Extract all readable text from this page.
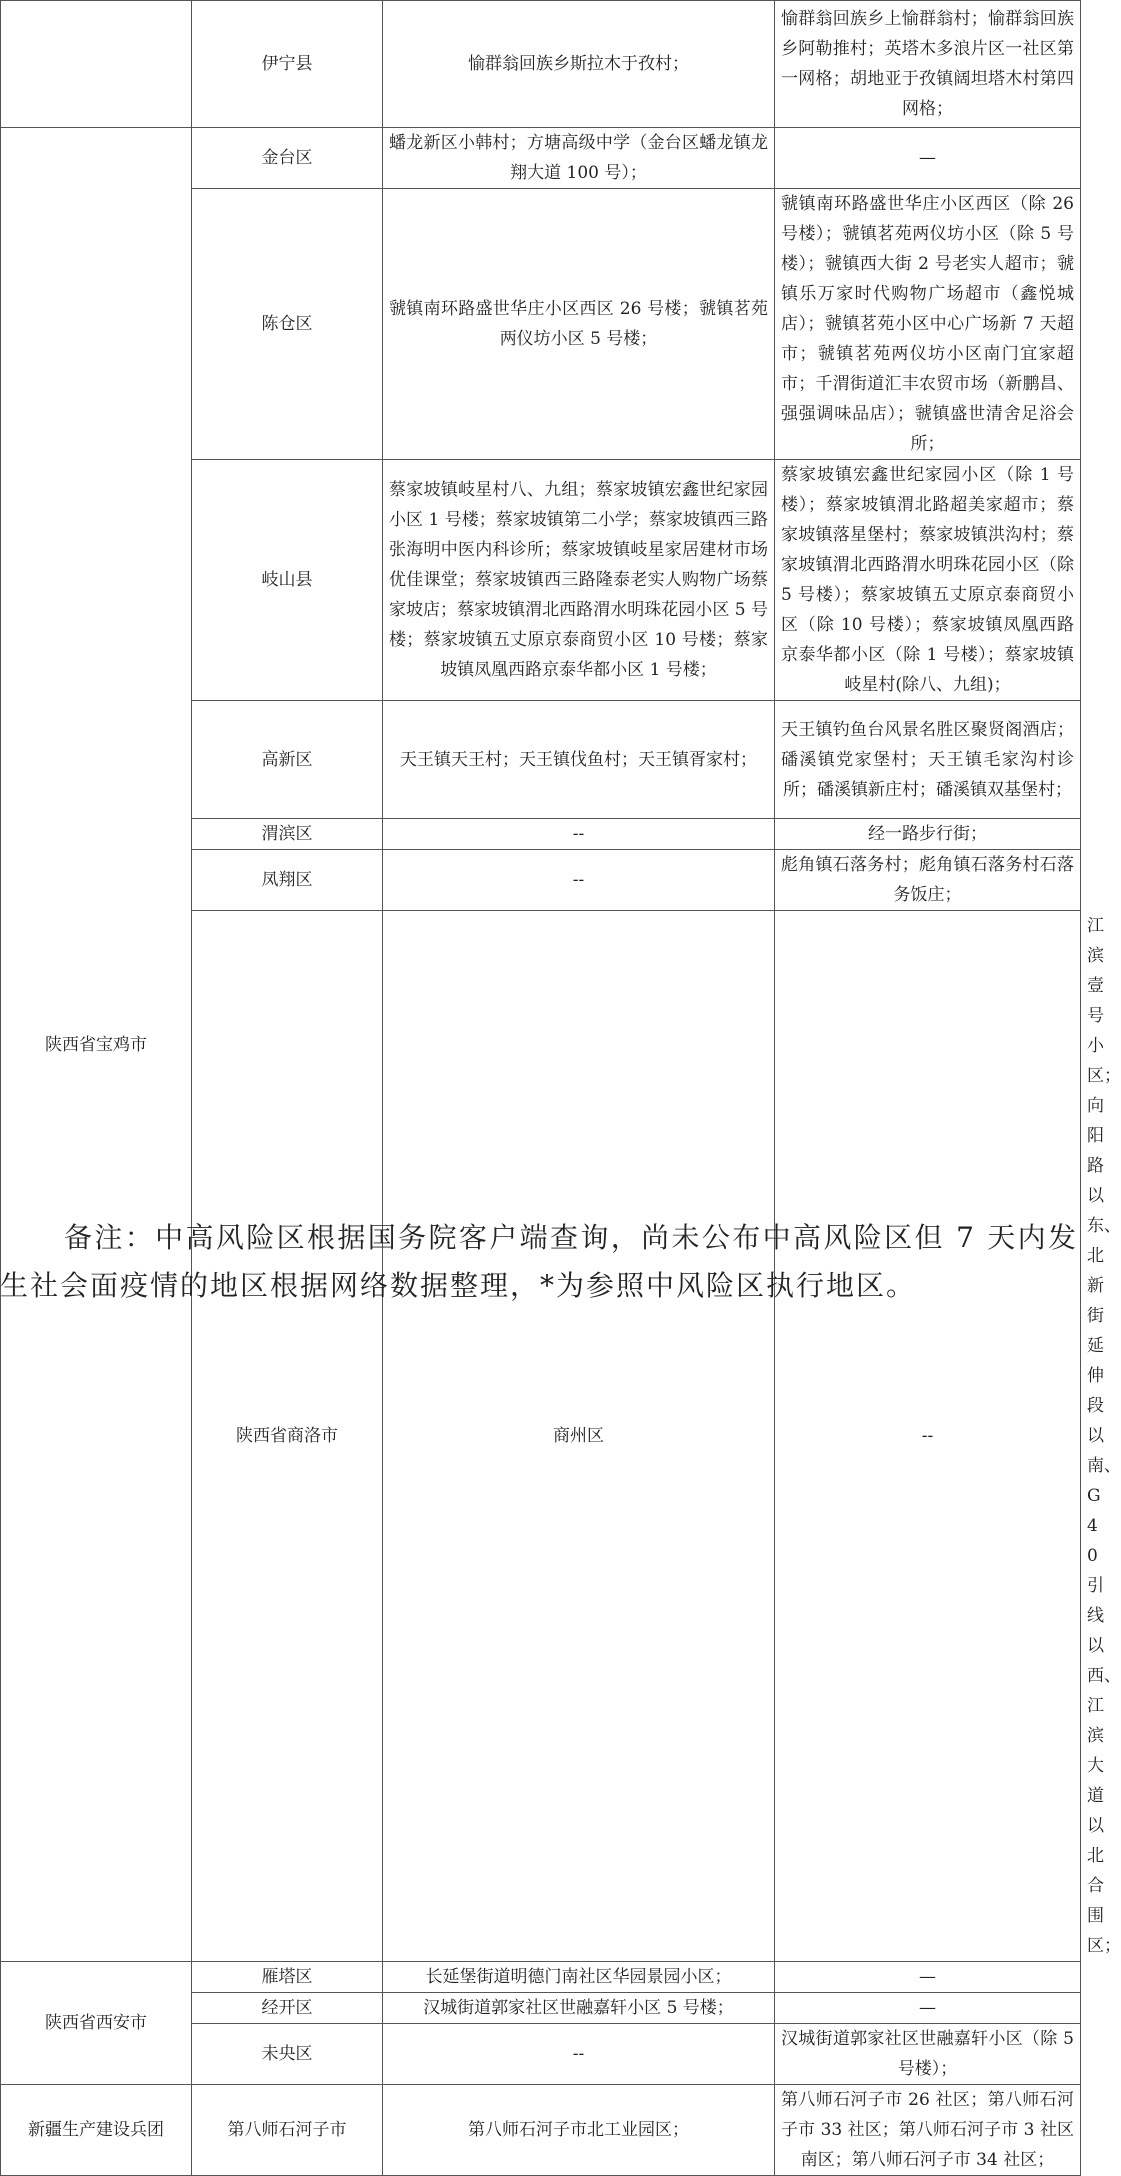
	伊宁县	愉群翁回族乡斯拉木于孜村；	愉群翁回族乡上愉群翁村；愉群翁回族乡阿勒推村；英塔木多浪片区一社区第一网格；胡地亚于孜镇阔坦塔木村第四网格；	
陕西省宝鸡市	金台区	蟠龙新区小韩村；方塘高级中学（金台区蟠龙镇龙翔大道 100 号）；	—	
	陈仓区	虢镇南环路盛世华庄小区西区 26 号楼；虢镇茗苑两仪坊小区 5 号楼；	虢镇南环路盛世华庄小区西区（除 26 号楼）；虢镇茗苑两仪坊小区（除 5 号楼）；虢镇西大街 2 号老实人超市；虢镇乐万家时代购物广场超市（鑫悦城店）；虢镇茗苑小区中心广场新 7 天超市；虢镇茗苑两仪坊小区南门宜家超市；千渭街道汇丰农贸市场（新鹏昌、强强调味品店）；虢镇盛世清舍足浴会所；	
	岐山县	蔡家坡镇岐星村八、九组；蔡家坡镇宏鑫世纪家园小区 1 号楼；蔡家坡镇第二小学；蔡家坡镇西三路张海明中医内科诊所；蔡家坡镇岐星家居建材市场优佳课堂；蔡家坡镇西三路隆泰老实人购物广场蔡家坡店；蔡家坡镇渭北西路渭水明珠花园小区 5 号楼；蔡家坡镇五丈原京泰商贸小区 10 号楼；蔡家坡镇凤凰西路京泰华都小区 1 号楼；	蔡家坡镇宏鑫世纪家园小区（除 1 号楼）；蔡家坡镇渭北路超美家超市；蔡家坡镇落星堡村；蔡家坡镇洪沟村；蔡家坡镇渭北西路渭水明珠花园小区（除 5 号楼）；蔡家坡镇五丈原京泰商贸小区（除 10 号楼）；蔡家坡镇凤凰西路京泰华都小区（除 1 号楼）；蔡家坡镇岐星村(除八、九组)；	
	高新区	天王镇天王村；天王镇伐鱼村；天王镇胥家村；	天王镇钓鱼台风景名胜区聚贤阁酒店；磻溪镇党家堡村；天王镇毛家沟村诊所；磻溪镇新庄村；磻溪镇双基堡村；	
	渭滨区	--	经一路步行街；	
	凤翔区	--	彪角镇石落务村；彪角镇石落务村石落务饭庄；	
	陕西省商洛市	商州区	--	江滨壹号小区；向阳路以东、北新街延伸段以南、G40 引线以西、江滨大道以北合围区；
陕西省西安市	雁塔区	长延堡街道明德门南社区华园景园小区；	—	
	经开区	汉城街道郭家社区世融嘉轩小区 5 号楼；	—	
	未央区	--	汉城街道郭家社区世融嘉轩小区（除 5 号楼）；	
新疆生产建设兵团	第八师石河子市	第八师石河子市北工业园区；	第八师石河子市 26 社区；第八师石河子市 33 社区；第八师石河子市 3 社区南区；第八师石河子市 34 社区；	
备注：中高风险区根据国务院客户端查询，尚未公布中高风险区但 7 天内发生社会面疫情的地区根据网络数据整理，*为参照中风险区执行地区。
